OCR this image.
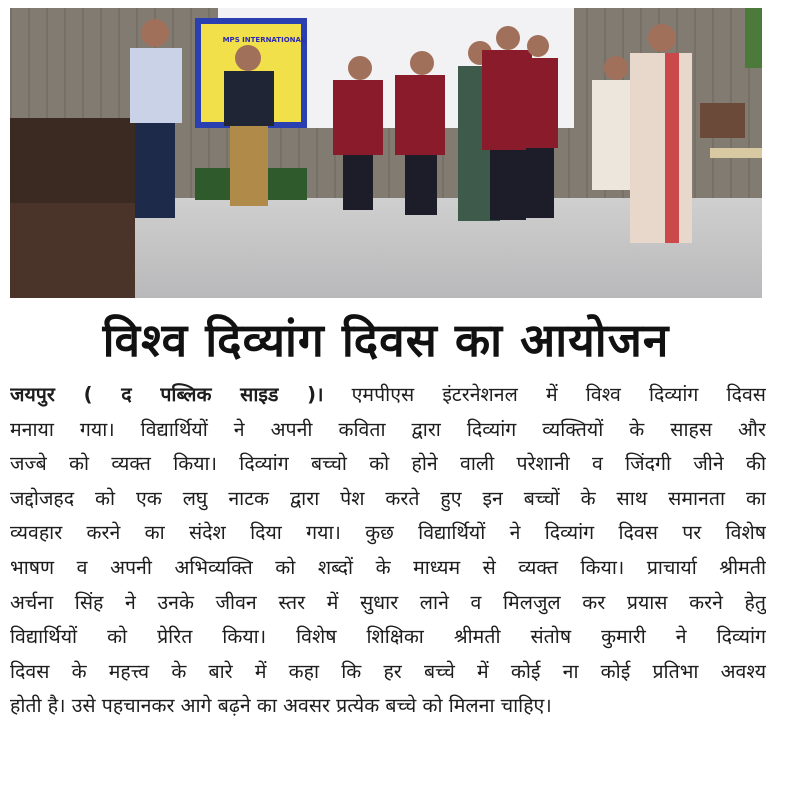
MPS INTERNATIONAL
विश्व दिव्यांग दिवस का आयोजन
जयपुर ( द पब्लिक साइड )। एमपीएस इंटरनेशनल में विश्व दिव्यांग दिवस
मनाया गया। विद्यार्थियों ने अपनी कविता द्वारा दिव्यांग व्यक्तियों के साहस और
जज्बे को व्यक्त किया। दिव्यांग बच्चो को होने वाली परेशानी व जिंदगी जीने की
जद्दोजहद को एक लघु नाटक द्वारा पेश करते हुए इन बच्चों के साथ समानता का
व्यवहार करने का संदेश दिया गया। कुछ विद्यार्थियों ने दिव्यांग दिवस पर विशेष
भाषण व अपनी अभिव्यक्ति को शब्दों के माध्यम से व्यक्त किया। प्राचार्या श्रीमती
अर्चना सिंह ने उनके जीवन स्तर में सुधार लाने व मिलजुल कर प्रयास करने हेतु
विद्यार्थियों को प्रेरित किया। विशेष शिक्षिका श्रीमती संतोष कुमारी ने दिव्यांग
दिवस के महत्त्व के बारे में कहा कि हर बच्चे में कोई ना कोई प्रतिभा अवश्य
होती है। उसे पहचानकर आगे बढ़ने का अवसर प्रत्येक बच्चे को मिलना चाहिए।
